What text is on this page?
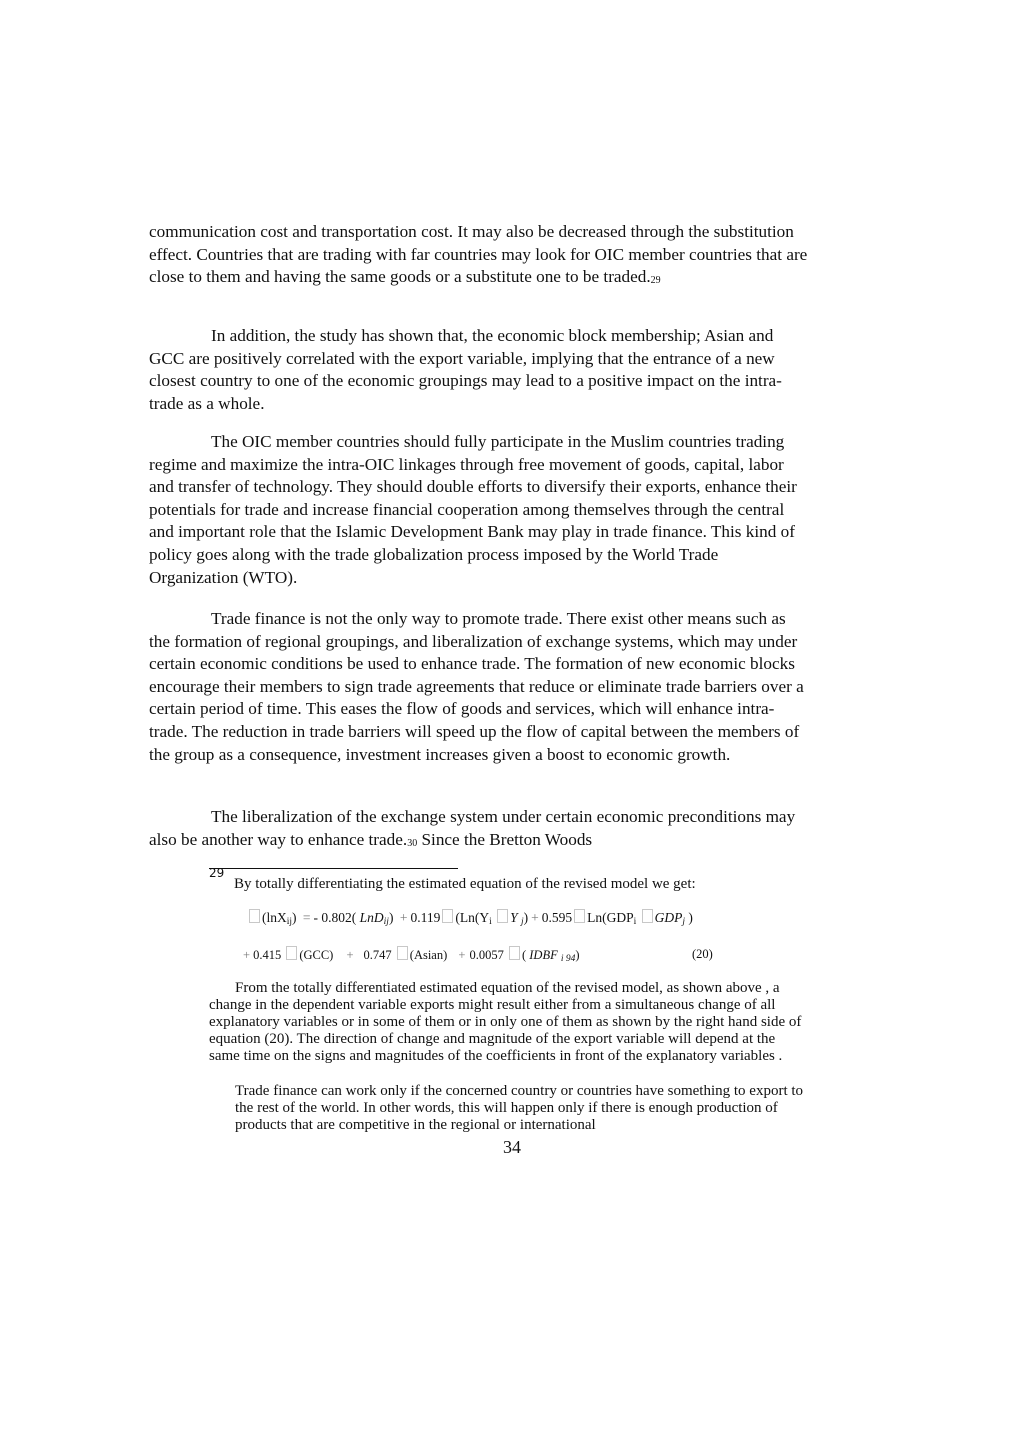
communication cost and transportation cost. It may also be decreased through the substitution effect. Countries that are trading with far countries may look for OIC member countries that are close to them and having the same goods or a substitute one to be traded.29

In addition, the study has shown that, the economic block membership; Asian and GCC are positively correlated with the export variable, implying that the entrance of a new closest country to one of the economic groupings may lead to a positive impact on the intra-trade as a whole.

The OIC member countries should fully participate in the Muslim countries trading regime and maximize the intra-OIC linkages through free movement of goods, capital, labor and transfer of technology. They should double efforts to diversify their exports, enhance their potentials for trade and increase financial cooperation among themselves through the central and important role that the Islamic Development Bank may play in trade finance. This kind of policy goes along with the trade globalization process imposed by the World Trade Organization (WTO).

Trade finance is not the only way to promote trade. There exist other means such as the formation of regional groupings, and liberalization of exchange systems, which may under certain economic conditions be used to enhance trade. The formation of new economic blocks encourage their members to sign trade agreements that reduce or eliminate trade barriers over a certain period of time. This eases the flow of goods and services, which will enhance intra-trade. The reduction in trade barriers will speed up the flow of capital between the members of the group as a consequence, investment increases given a boost to economic growth.

The liberalization of the exchange system under certain economic preconditions may also be another way to enhance trade.30 Since the Bretton Woods

29
By totally differentiating the estimated equation of the revised model we get:
(lnX$_{ij}$) = - 0.802( LnD$_{ij}$) + 0.119 ($Ln(Y_i$ Y $_j$) + 0.595 $Ln(GDP_i$ $GDP_j$ )
+ 0.415 (GCC) + 0.747 (Asian) + 0.0057 ( IDBF $_{i 94}$)	(20)

From the totally differentiated estimated equation of the revised model, as shown above , a change in the dependent variable exports might result either from a simultaneous change of all explanatory variables or in some of them or in only one of them as shown by the right hand side of equation (20). The direction of change and magnitude of the export variable will depend at the same time on the signs and magnitudes of the coefficients in front of the explanatory variables .

Trade finance can work only if the concerned country or countries have something to export to the rest of the world. In other words, this will happen only if there is enough production of products that are competitive in the regional or international

34
